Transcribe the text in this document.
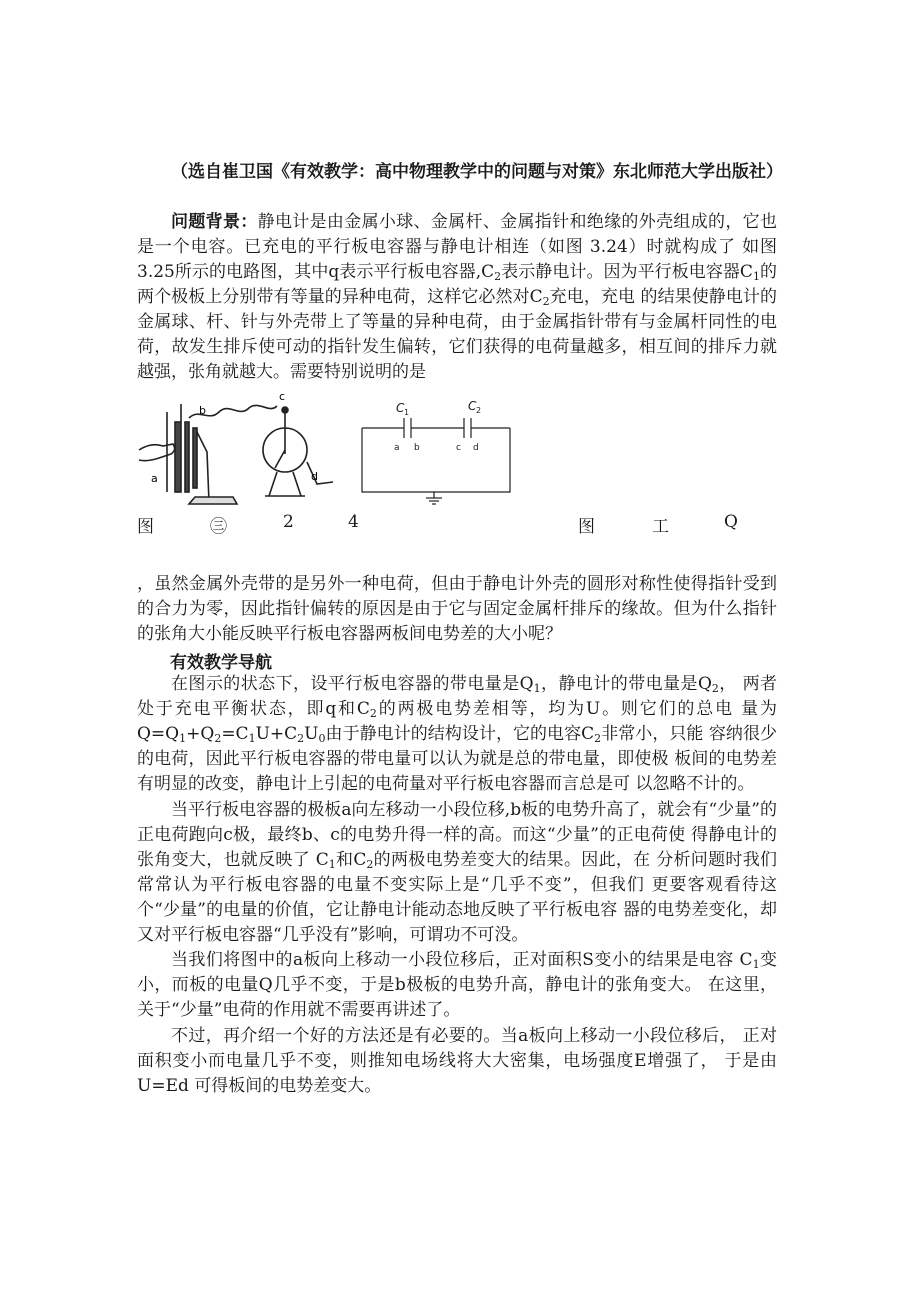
（选自崔卫国《有效教学：高中物理教学中的问题与对策》东北师范大学出版社）

问题背景：静电计是由金属小球、金属杆、金属指针和绝缘的外壳组成的，它也是一个电容。已充电的平行板电容器与静电计相连（如图 3.24）时就构成了 如图3.25所示的电路图，其中q表示平行板电容器$,C_2$表示静电计。因为平行板电容器$C_1$的两个极板上分别带有等量的异种电荷，这样它必然对$C_2$充电，充电 的结果使静电计的金属球、杆、针与外壳带上了等量的异种电荷，由于金属指针带有与金属杆同性的电荷，故发生排斥使可动的指针发生偏转，它们获得的电荷量越多，相互间的排斥力就越强，张角就越大。需要特别说明的是

b
c
a	d
C 1	C 2
a b	c d
图	㊂	2	4	图	工	Q

，虽然金属外壳带的是另外一种电荷，但由于静电计外壳的圆形对称性使得指针受到的合力为零，因此指针偏转的原因是由于它与固定金属杆排斥的缘故。但为什么指针的张角大小能反映平行板电容器两板间电势差的大小呢？

有效教学导航

在图示的状态下，设平行板电容器的带电量是$Q_1$，静电计的带电量是$Q_2$， 两者处于充电平衡状态，即q和$C_2$的两极电势差相等，均为U。则它们的总电 量为$Q=Q_1+Q_2=C_1U+C_2U_0$由于静电计的结构设计，它的电容$C_2$非常小，只能 容纳很少的电荷，因此平行板电容器的带电量可以认为就是总的带电量，即使极 板间的电势差有明显的改变，静电计上引起的电荷量对平行板电容器而言总是可 以忽略不计的。

当平行板电容器的极板a向左移动一小段位移,b板的电势升高了，就会有“少量”的正电荷跑向c极，最终b、c的电势升得一样的高。而这“少量”的正电荷使 得静电计的张角变大，也就反映了 $C_1$和$C_2$的两极电势差变大的结果。因此，在 分析问题时我们常常认为平行板电容器的电量不变实际上是“几乎不变”，但我们 更要客观看待这个“少量”的电量的价值，它让静电计能动态地反映了平行板电容 器的电势差变化，却又对平行板电容器“几乎没有”影响，可谓功不可没。

当我们将图中的a板向上移动一小段位移后，正对面积S变小的结果是电容 $C_1$变小，而板的电量Q几乎不变，于是b极板的电势升高，静电计的张角变大。 在这里，关于“少量”电荷的作用就不需要再讲述了。

不过，再介绍一个好的方法还是有必要的。当a板向上移动一小段位移后， 正对面积变小而电量几乎不变，则推知电场线将大大密集，电场强度E增强了， 于是由 U=Ed 可得板间的电势差变大。
